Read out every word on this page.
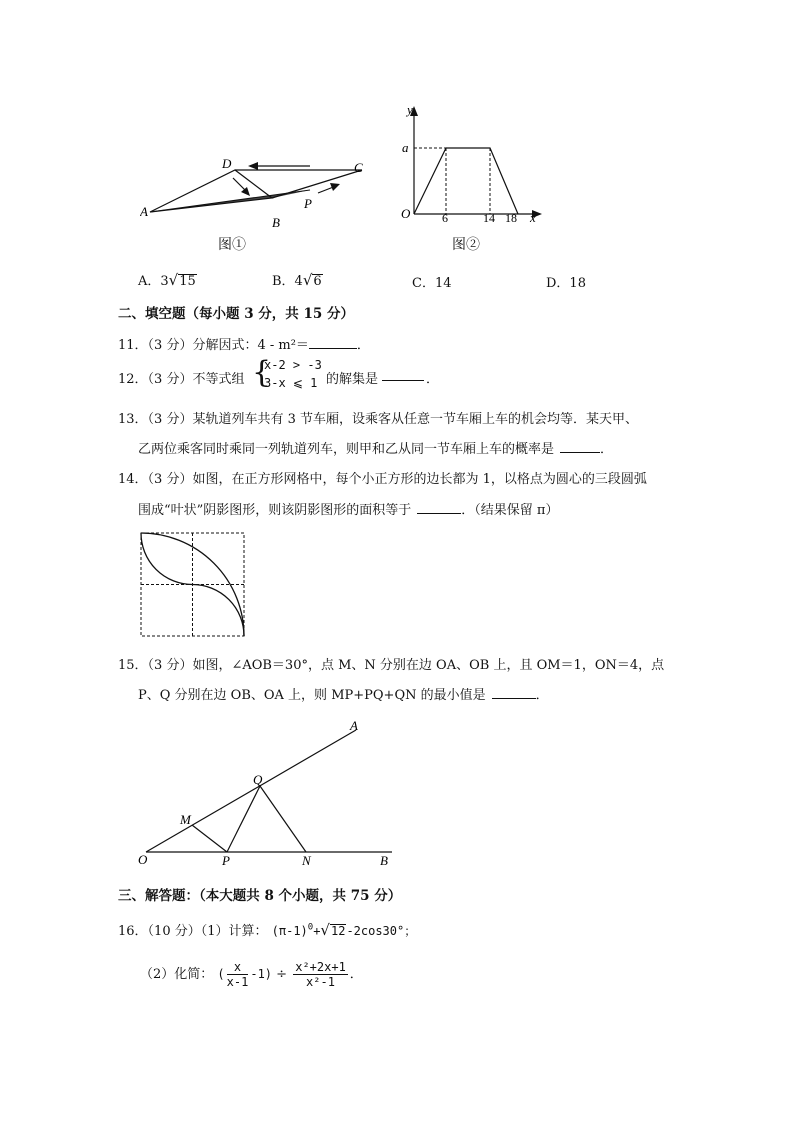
A
D	C
B
P
图①
y
a
O	6	14 18 x
图②
A．3√15	B．4√6	C．14	D．18
二、填空题（每小题 3 分，共 15 分）
11．（3 分）分解因式：4 - m²＝	．
12．（3 分）不等式组 {
x-2 > -3
3-x ⩽ 1 的解集是	．
13．（3 分）某轨道列车共有 3 节车厢，设乘客从任意一节车厢上车的机会均等．某天甲、
乙两位乘客同时乘同一列轨道列车，则甲和乙从同一节车厢上车的概率是	．
14．（3 分）如图，在正方形网格中，每个小正方形的边长都为 1，以格点为圆心的三段圆弧
围成“叶状”阴影图形，则该阴影图形的面积等于	．（结果保留 π）
15．（3 分）如图，∠AOB＝30°，点 M、N 分别在边 OA、OB 上，且 OM＝1，ON＝4，点
P、Q 分别在边 OB、OA 上，则 MP+PQ+QN 的最小值是	．
A
Q
M
O	P	N	B
三、解答题：（本大题共 8 个小题，共 75 分）
16．（10 分）（1）计算： $(\pi-1)^0+√12-2\cos 30^\circ$；
（2）化简： ( $\frac{x}{x-1} -1) \div \frac{\text{x²+2x+1}}{\text{x²-1}}$ ．
